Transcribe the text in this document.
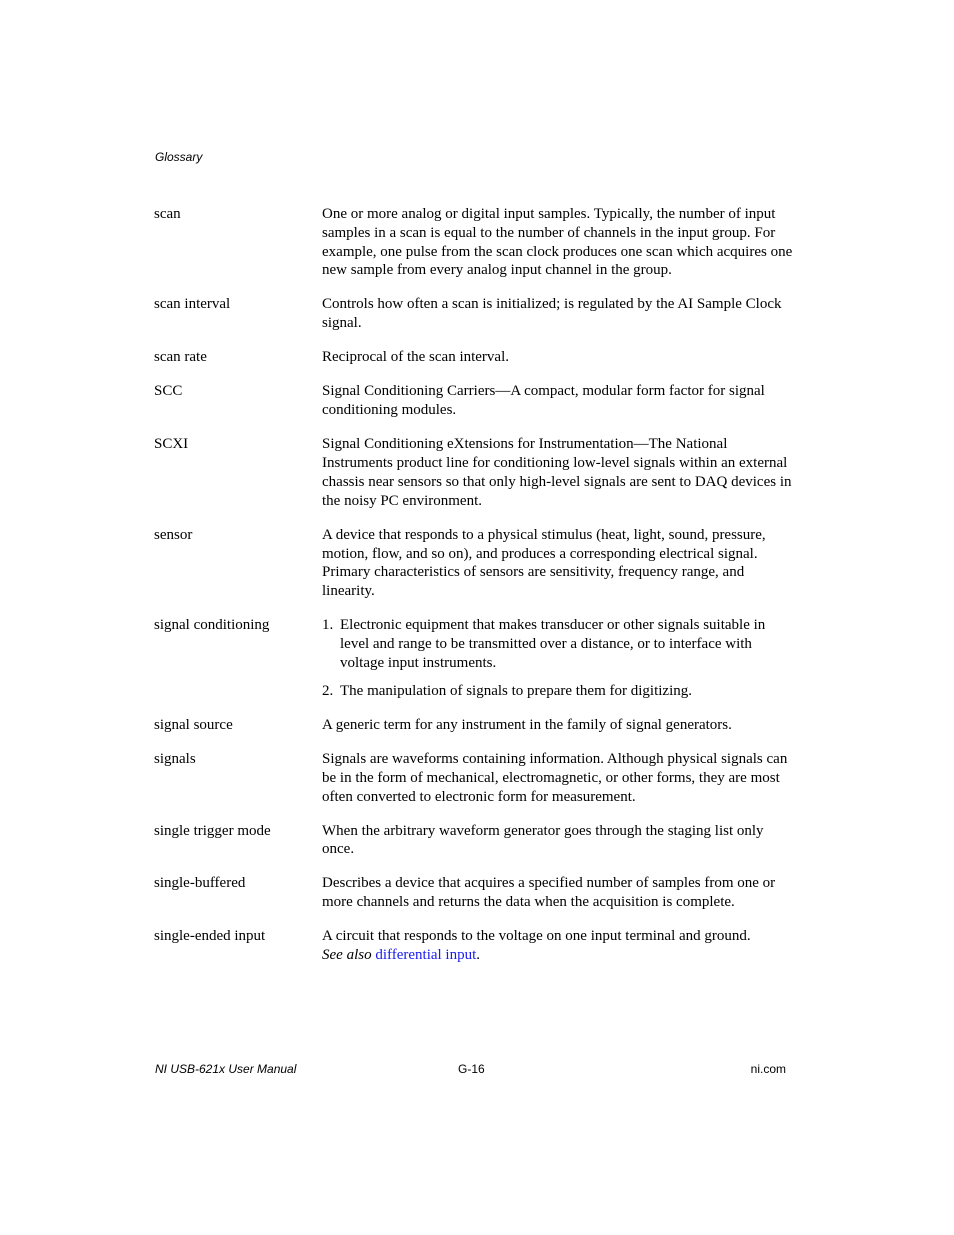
Glossary
scan	One or more analog or digital input samples. Typically, the number of input samples in a scan is equal to the number of channels in the input group. For example, one pulse from the scan clock produces one scan which acquires one new sample from every analog input channel in the group.
scan interval	Controls how often a scan is initialized; is regulated by the AI Sample Clock signal.
scan rate	Reciprocal of the scan interval.
SCC	Signal Conditioning Carriers—A compact, modular form factor for signal conditioning modules.
SCXI	Signal Conditioning eXtensions for Instrumentation—The National Instruments product line for conditioning low-level signals within an external chassis near sensors so that only high-level signals are sent to DAQ devices in the noisy PC environment.
sensor	A device that responds to a physical stimulus (heat, light, sound, pressure, motion, flow, and so on), and produces a corresponding electrical signal. Primary characteristics of sensors are sensitivity, frequency range, and linearity.
signal conditioning	1. Electronic equipment that makes transducer or other signals suitable in level and range to be transmitted over a distance, or to interface with voltage input instruments.
2. The manipulation of signals to prepare them for digitizing.
signal source	A generic term for any instrument in the family of signal generators.
signals	Signals are waveforms containing information. Although physical signals can be in the form of mechanical, electromagnetic, or other forms, they are most often converted to electronic form for measurement.
single trigger mode	When the arbitrary waveform generator goes through the staging list only once.
single-buffered	Describes a device that acquires a specified number of samples from one or more channels and returns the data when the acquisition is complete.
single-ended input	A circuit that responds to the voltage on one input terminal and ground.
See also differential input.
NI USB-621x User Manual	G-16	ni.com
